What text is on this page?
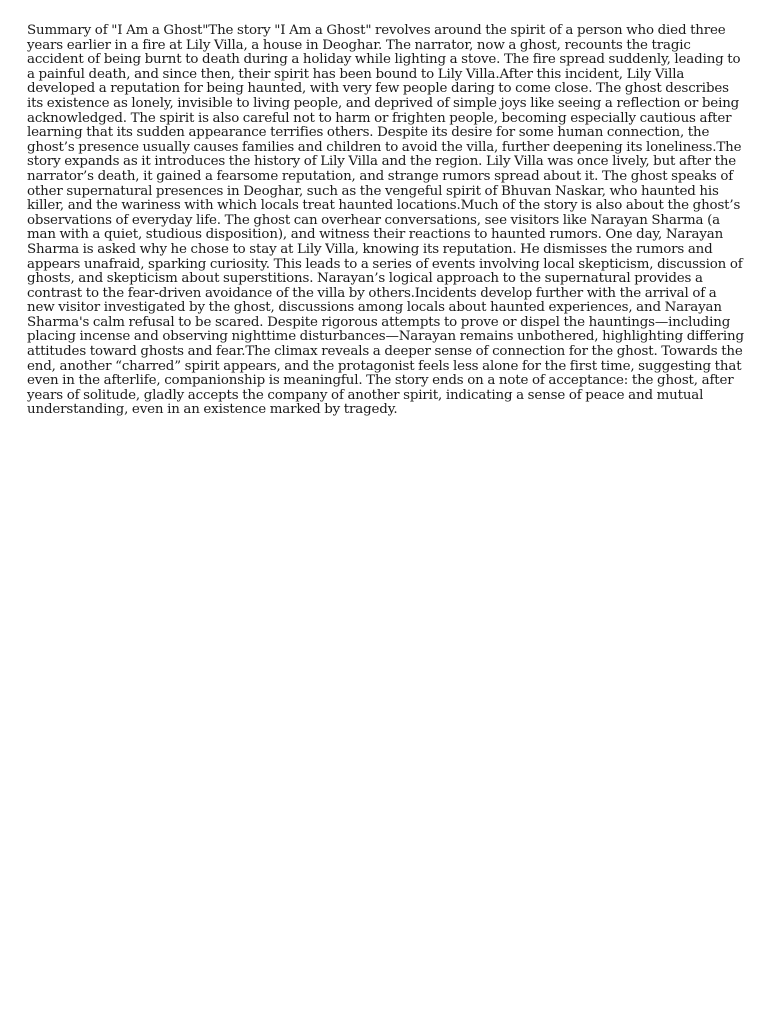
Summary of "I Am a Ghost"The story "I Am a Ghost" revolves around the spirit of a person who died three years earlier in a fire at Lily Villa, a house in Deoghar. The narrator, now a ghost, recounts the tragic accident of being burnt to death during a holiday while lighting a stove. The fire spread suddenly, leading to a painful death, and since then, their spirit has been bound to Lily Villa.After this incident, Lily Villa developed a reputation for being haunted, with very few people daring to come close. The ghost describes its existence as lonely, invisible to living people, and deprived of simple joys like seeing a reflection or being acknowledged. The spirit is also careful not to harm or frighten people, becoming especially cautious after learning that its sudden appearance terrifies others. Despite its desire for some human connection, the ghost’s presence usually causes families and children to avoid the villa, further deepening its loneliness.The story expands as it introduces the history of Lily Villa and the region. Lily Villa was once lively, but after the narrator’s death, it gained a fearsome reputation, and strange rumors spread about it. The ghost speaks of other supernatural presences in Deoghar, such as the vengeful spirit of Bhuvan Naskar, who haunted his killer, and the wariness with which locals treat haunted locations.Much of the story is also about the ghost’s observations of everyday life. The ghost can overhear conversations, see visitors like Narayan Sharma (a man with a quiet, studious disposition), and witness their reactions to haunted rumors. One day, Narayan Sharma is asked why he chose to stay at Lily Villa, knowing its reputation. He dismisses the rumors and appears unafraid, sparking curiosity. This leads to a series of events involving local skepticism, discussion of ghosts, and skepticism about superstitions. Narayan’s logical approach to the supernatural provides a contrast to the fear-driven avoidance of the villa by others.Incidents develop further with the arrival of a new visitor investigated by the ghost, discussions among locals about haunted experiences, and Narayan Sharma's calm refusal to be scared. Despite rigorous attempts to prove or dispel the hauntings—including placing incense and observing nighttime disturbances—Narayan remains unbothered, highlighting differing attitudes toward ghosts and fear.The climax reveals a deeper sense of connection for the ghost. Towards the end, another “charred” spirit appears, and the protagonist feels less alone for the first time, suggesting that even in the afterlife, companionship is meaningful. The story ends on a note of acceptance: the ghost, after years of solitude, gladly accepts the company of another spirit, indicating a sense of peace and mutual understanding, even in an existence marked by tragedy.
